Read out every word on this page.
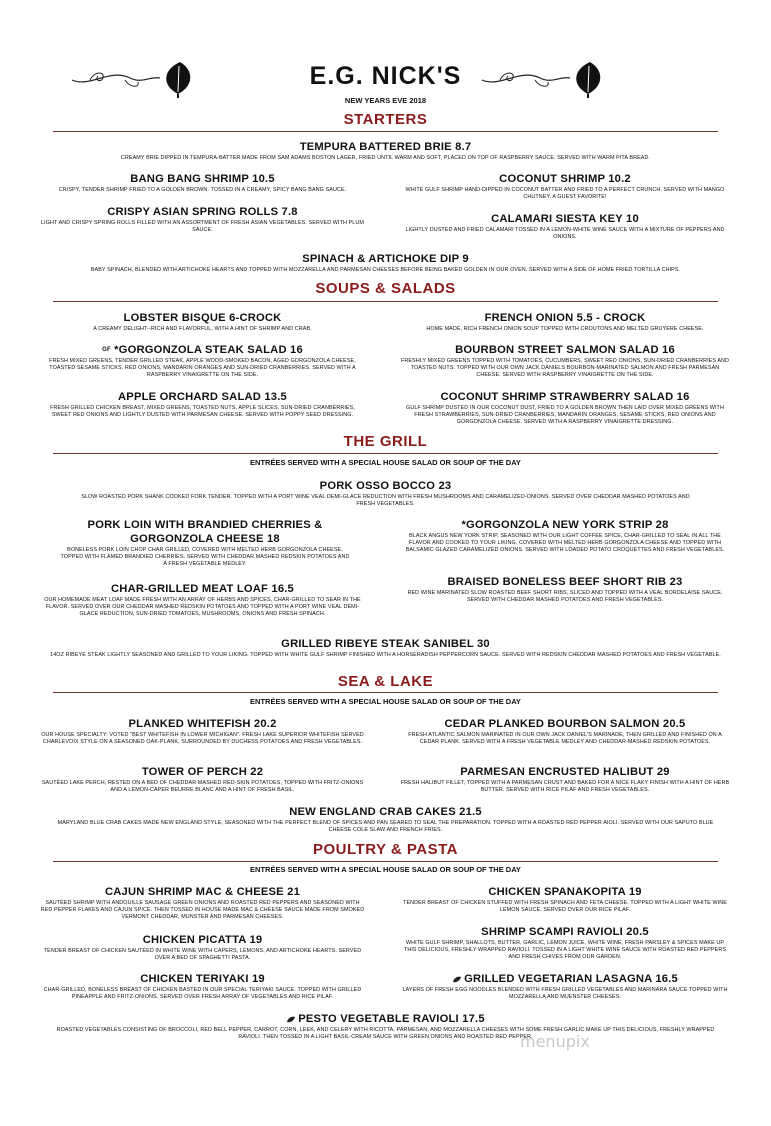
E.G. NICK'S
NEW YEARS EVE 2018
STARTERS
TEMPURA BATTERED BRIE 8.7
CREAMY BRIE DIPPED IN TEMPURA-BATTER MADE FROM SAM ADAMS BOSTON LAGER, FRIED UNTIL WARM AND SOFT, PLACED ON TOP OF RASPBERRY SAUCE. SERVED WITH WARM PITA BREAD.
BANG BANG SHRIMP 10.5
CRISPY, TENDER SHRIMP FRIED TO A GOLDEN BROWN. TOSSED IN A CREAMY, SPICY BANG BANG SAUCE.
COCONUT SHRIMP 10.2
WHITE GULF SHRIMP HAND-DIPPED IN COCONUT BATTER AND FRIED TO A PERFECT CRUNCH. SERVED WITH MANGO CHUTNEY. A GUEST FAVORITE!
CRISPY ASIAN SPRING ROLLS 7.8
LIGHT AND CRISPY SPRING ROLLS FILLED WITH AN ASSORTMENT OF FRESH ASIAN VEGETABLES. SERVED WITH PLUM SAUCE.
CALAMARI SIESTA KEY 10
LIGHTLY DUSTED AND FRIED CALAMARI TOSSED IN A LEMON-WHITE WINE SAUCE WITH A MIXTURE OF PEPPERS AND ONIONS.
SPINACH & ARTICHOKE DIP 9
BABY SPINACH, BLENDED WITH ARTICHOKE HEARTS AND TOPPED WITH MOZZARELLA AND PARMESAN CHEESES BEFORE BEING BAKED GOLDEN IN OUR OVEN. SERVED WITH A SIDE OF HOME FRIED TORTILLA CHIPS.
SOUPS & SALADS
LOBSTER BISQUE 6-CROCK
A CREAMY DELIGHT--RICH AND FLAVORFUL, WITH A HINT OF SHRIMP AND CRAB.
FRENCH ONION 5.5 - CROCK
HOME MADE, RICH FRENCH ONION SOUP TOPPED WITH CROUTONS AND MELTED GRUYERE CHEESE.
GF *GORGONZOLA STEAK SALAD 16
FRESH MIXED GREENS, TENDER GRILLED STEAK, APPLE WOOD-SMOKED BACON, AGED GORGONZOLA CHEESE, TOASTED SESAME STICKS, RED ONIONS, MANDARIN ORANGES AND SUN-DRIED CRANBERRIES. SERVED WITH A RASPBERRY VINAIGRETTE ON THE SIDE.
BOURBON STREET SALMON SALAD 16
FRESHLY MIXED GREENS TOPPED WITH TOMATOES, CUCUMBERS, SWEET RED ONIONS, SUN-DRIED CRANBERRIES AND TOASTED NUTS. TOPPED WITH OUR OWN JACK DANIELS BOURBON-MARINATED SALMON AND FRESH PARMESAN CHEESE. SERVED WITH RASPBERRY VINAIGRETTE ON THE SIDE.
APPLE ORCHARD SALAD 13.5
FRESH GRILLED CHICKEN BREAST, MIXED GREENS, TOASTED NUTS, APPLE SLICES, SUN-DRIED CRANBERRIES, SWEET RED ONIONS AND LIGHTLY DUSTED WITH PARMESAN CHEESE. SERVED WITH POPPY SEED DRESSING.
COCONUT SHRIMP STRAWBERRY SALAD 16
GULF SHRIMP DUSTED IN OUR COCONUT DUST, FRIED TO A GOLDEN BROWN THEN LAID OVER MIXED GREENS WITH FRESH STRAWBERRIES, SUN-DRIED CRANBERRIES, MANDARIN ORANGES, SESAME STICKS, RED ONIONS AND GORGONZOLA CHEESE. SERVED WITH A RASPBERRY VINAIGRETTE DRESSING.
THE GRILL
ENTRÉES SERVED WITH A SPECIAL HOUSE SALAD OR SOUP OF THE DAY
PORK OSSO BOCCO 23
SLOW ROASTED PORK SHANK COOKED FORK TENDER. TOPPED WITH A PORT WINE VEAL DEMI-GLACE REDUCTION WITH FRESH MUSHROOMS AND CARAMELIZED-ONIONS. SERVED OVER CHEDDAR MASHED POTATOES AND FRESH VEGETABLES.
PORK LOIN WITH BRANDIED CHERRIES & GORGONZOLA CHEESE 18
BONELESS PORK LOIN CHOP CHAR GRILLED, COVERED WITH MELTED HERB GORGONZOLA CHEESE, TOPPED WITH FLAMED BRANDIED CHERRIES. SERVED WITH CHEDDAR MASHED REDSKIN POTATOES AND A FRESH VEGETABLE MEDLEY.
*GORGONZOLA NEW YORK STRIP 28
BLACK ANGUS NEW YORK STRIP, SEASONED WITH OUR LIGHT COFFEE SPICE, CHAR-GRILLED TO SEAL IN ALL THE FLAVOR AND COOKED TO YOUR LIKING. COVERED WITH MELTED HERB GORGONZOLA CHEESE AND TOPPED WITH BALSAMIC GLAZED CARAMELIZED ONIONS. SERVED WITH LOADED POTATO CROQUETTES AND FRESH VEGETABLES.
CHAR-GRILLED MEAT LOAF 16.5
OUR HOMEMADE MEAT LOAF MADE FRESH WITH AN ARRAY OF HERBS AND SPICES, CHAR-GRILLED TO SEAR IN THE FLAVOR. SERVED OVER OUR CHEDDAR MASHED REDSKIN POTATOES AND TOPPED WITH A PORT WINE VEAL DEMI-GLACE REDUCTION, SUN-DRIED TOMATOES, MUSHROOMS, ONIONS AND FRESH SPINACH.
BRAISED BONELESS BEEF SHORT RIB 23
RED WINE MARINATED SLOW ROASTED BEEF SHORT RIBS, SLICED AND TOPPED WITH A VEAL BORDELAISE SAUCE. SERVED WITH CHEDDAR MASHED POTATOES AND FRESH VEGETABLES.
GRILLED RIBEYE STEAK SANIBEL 30
14OZ RIBEYE STEAK LIGHTLY SEASONED AND GRILLED TO YOUR LIKING. TOPPED WITH WHITE GULF SHRIMP FINISHED WITH A HORSERADISH PEPPERCORN SAUCE. SERVED WITH REDSKIN CHEDDAR MASHED POTATOES AND FRESH VEGETABLE.
SEA & LAKE
ENTRÉES SERVED WITH A SPECIAL HOUSE SALAD OR SOUP OF THE DAY
PLANKED WHITEFISH 20.2
OUR HOUSE SPECIALTY: VOTED "BEST WHITEFISH IN LOWER MICHIGAN". FRESH LAKE SUPERIOR WHITEFISH SERVED CHARLEVOIX STYLE ON A SEASONED OAK-PLANK, SURROUNDED BY DUCHESS POTATOES AND FRESH VEGETABLES.
CEDAR PLANKED BOURBON SALMON 20.5
FRESH ATLANTIC SALMON MARINATED IN OUR OWN JACK DANIEL'S MARINADE, THEN GRILLED AND FINISHED ON A CEDAR PLANK. SERVED WITH A FRESH VEGETABLE MEDLEY AND CHEDDAR-MASHED REDSKIN POTATOES.
TOWER OF PERCH 22
SAUTÉED LAKE PERCH, RESTED ON A BED OF CHEDDAR MASHED RED-SKIN POTATOES, TOPPED WITH FRITZ-ONIONS AND A LEMON-CAPER BEURRE BLANC AND A HINT OF FRESH BASIL.
PARMESAN ENCRUSTED HALIBUT 29
FRESH HALIBUT FILLET, TOPPED WITH A PARMESAN CRUST AND BAKED FOR A NICE FLAKY FINISH WITH A HINT OF HERB BUTTER. SERVED WITH RICE PILAF AND FRESH VEGETABLES.
NEW ENGLAND CRAB CAKES 21.5
MARYLAND BLUE CRAB CAKES MADE NEW ENGLAND STYLE, SEASONED WITH THE PERFECT BLEND OF SPICES AND PAN SEARED TO SEAL THE PREPARATION. TOPPED WITH A ROASTED RED PEPPER AIOLI. SERVED WITH OUR SAPUTO BLUE CHEESE COLE SLAW AND FRENCH FRIES.
POULTRY & PASTA
ENTRÉES SERVED WITH A SPECIAL HOUSE SALAD OR SOUP OF THE DAY
CAJUN SHRIMP MAC & CHEESE 21
SAUTÉED SHRIMP WITH ANDOUILLE SAUSAGE GREEN ONIONS AND ROASTED RED PEPPERS AND SEASONED WITH RED PEPPER FLAKES AND CAJUN SPICE. THEN TOSSED IN HOUSE MADE MAC & CHEESE SAUCE MADE FROM SMOKED VERMONT CHEDDAR, MUNSTER AND PARMESAN CHEESES.
CHICKEN SPANAKOPITA 19
TENDER BREAST OF CHICKEN STUFFED WITH FRESH SPINACH AND FETA CHEESE. TOPPED WITH A LIGHT WHITE WINE LEMON SAUCE. SERVED OVER OUR RICE PILAF.
CHICKEN PICATTA 19
TENDER BREAST OF CHICKEN SAUTÉED IN WHITE WINE WITH CAPERS, LEMONS, AND ARTICHOKE HEARTS. SERVED OVER A BED OF SPAGHETTI PASTA.
SHRIMP SCAMPI RAVIOLI 20.5
WHITE GULF SHRIMP, SHALLOTS, BUTTER, GARLIC, LEMON JUICE, WHITE WINE, FRESH PARSLEY & SPICES MAKE UP THIS DELICIOUS, FRESHLY WRAPPED RAVIOLI. TOSSED IN A LIGHT WHITE WINE SAUCE WITH ROASTED RED PEPPERS AND FRESH CHIVES FROM OUR GARDEN.
CHICKEN TERIYAKI 19
CHAR-GRILLED, BONELESS BREAST OF CHICKEN BASTED IN OUR SPECIAL TERIYAKI SAUCE. TOPPED WITH GRILLED PINEAPPLE AND FRITZ-ONIONS. SERVED OVER FRESH ARRAY OF VEGETABLES AND RICE PILAF.
GRILLED VEGETARIAN LASAGNA 16.5
LAYERS OF FRESH EGG NOODLES BLENDED WITH FRESH GRILLED VEGETABLES AND MARINARA SAUCE TOPPED WITH MOZZARELLA AND MUENSTER CHEESES.
PESTO VEGETABLE RAVIOLI 17.5
ROASTED VEGETABLES CONSISTING OF BROCCOLI, RED BELL PEPPER, CARROT, CORN, LEEK, AND CELERY WITH RICOTTA, PARMESAN, AND MOZZARELLA CHEESES WITH SOME FRESH GARLIC MAKE UP THIS DELICIOUS, FRESHLY WRAPPED RAVIOLI. THEN TOSSED IN A LIGHT BASIL-CREAM SAUCE WITH GREEN ONIONS AND ROASTED RED PEPPER.
menupix
